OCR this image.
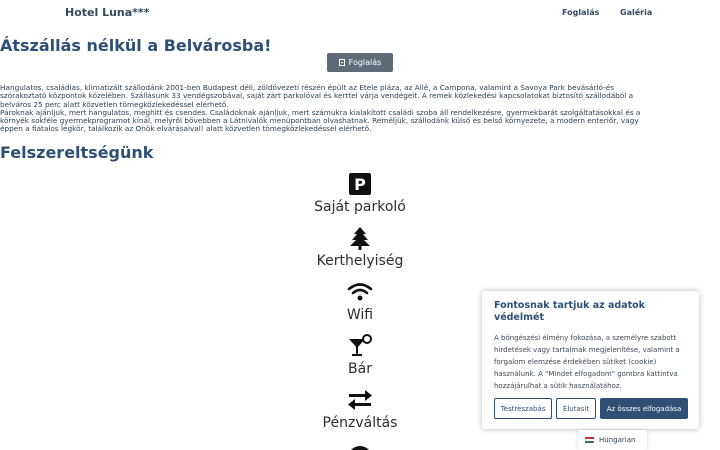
Hotel Luna***	Foglalás	Galéria
Átszállás nélkül a Belvárosba!
Foglalás

Hangulatos, családias, klimatizált szállodánk 2001-ben Budapest déli, zöldövezeti részén épült az Etele pláza, az Allé, a Campona, valamint a Savoya Park bevásárló-és

szórakoztató központok közelében. Szállásunk 33 vendégszobával, saját zárt parkolóval és kerttel várja vendégeit. A remek közlekedési kapcsolatokat biztosító szállodából a

belváros 25 perc alatt közvetlen tömegközlekedéssel elérhető.

Pároknak ajánljuk, mert hangulatos, meghitt és csendes. Családoknak ajánljuk, mert számukra kialakított családi szoba áll rendelkezésre, gyermekbarát szolgáltatásokkal és a

környék sokféle gyermekprogramot kínál, melyről bővebben a Látnivalók menüpontban olvashatnak. Reméljük, szállodánk külső és belső környezete, a modern enteriőr, vagy

éppen a fiatalos légkör, találkozik az Önök elvárásaival! alatt közvetlen tömegközlekedéssel elérhető.

Felszereltségünk
P
Saját parkoló
Kerthelyiség
Wifi
Bár
Pénzváltás
Fontosnak tartjuk az adatok védelmét

A böngészési élmény fokozása, a személyre szabott hirdetések vagy tartalmak megjelenítése, valamint a forgalom elemzése érdekében sütiket (cookie) használunk. A "Mindet elfogadom" gombra kattintva hozzájárulhat a sütik használatához.

Testreszabás	Elutasít	Az összes elfogadása
Hungarian
